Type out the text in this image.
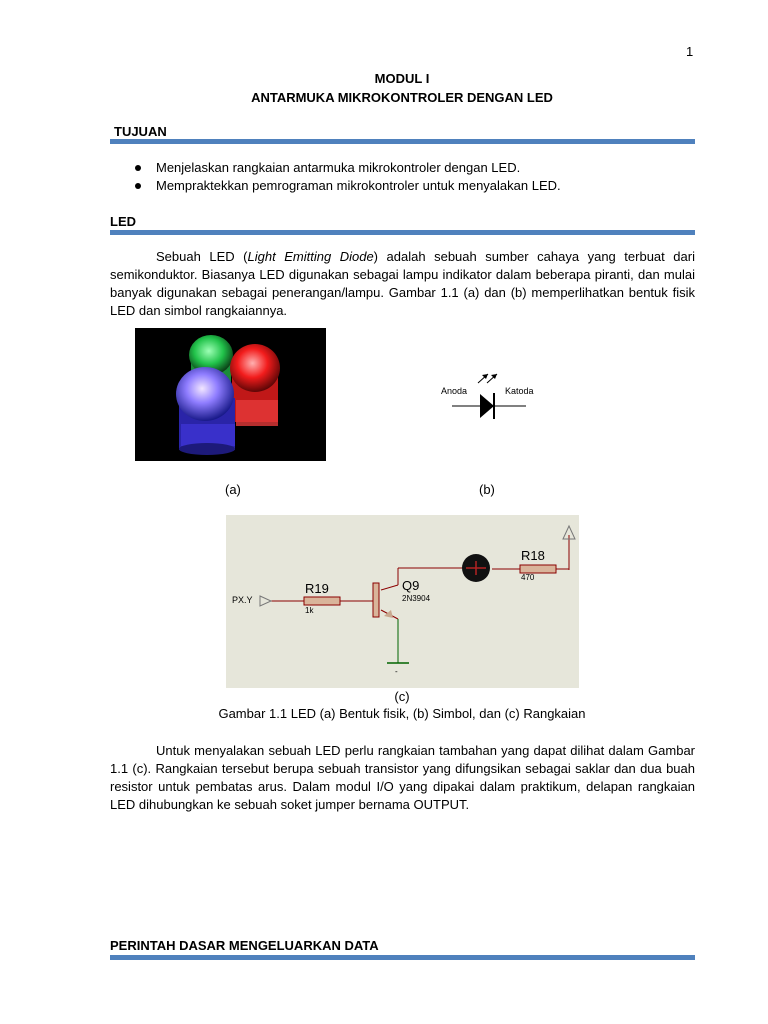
1
MODUL I
ANTARMUKA MIKROKONTROLER DENGAN LED
TUJUAN
Menjelaskan rangkaian antarmuka mikrokontroler dengan LED.
Mempraktekkan pemrograman mikrokontroler untuk menyalakan LED.
LED
Sebuah LED (Light Emitting Diode) adalah sebuah sumber cahaya yang terbuat dari semikonduktor. Biasanya LED digunakan sebagai lampu indikator dalam beberapa piranti, dan mulai banyak digunakan sebagai penerangan/lampu. Gambar 1.1 (a) dan (b) memperlihatkan bentuk fisik LED dan simbol rangkaiannya.
Anoda	Katoda
(a)	(b)
R18
470
R19
1k
Q9
2N3904
PX.Y
-
(c)
Gambar 1.1 LED (a) Bentuk fisik, (b) Simbol, dan (c) Rangkaian
Untuk menyalakan sebuah LED perlu rangkaian tambahan yang dapat dilihat dalam Gambar 1.1 (c). Rangkaian tersebut berupa sebuah transistor yang difungsikan sebagai saklar dan dua buah resistor untuk pembatas arus. Dalam modul I/O yang dipakai dalam praktikum, delapan rangkaian LED dihubungkan ke sebuah soket jumper bernama OUTPUT.
PERINTAH DASAR MENGELUARKAN DATA
